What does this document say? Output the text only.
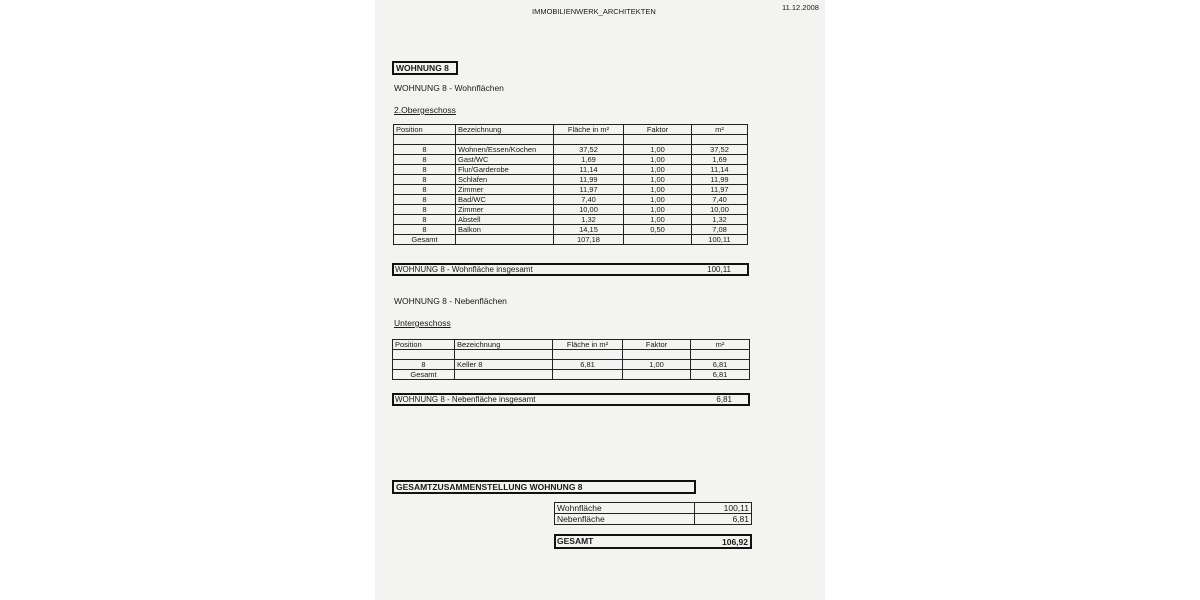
IMMOBILIENWERK_ARCHITEKTEN	11.12.2008
WOHNUNG 8
WOHNUNG 8 - Wohnflächen
2.Obergeschoss
Position	Bezeichnung	Fläche in m²	Faktor	m²

8	Wohnen/Essen/Kochen	37,52	1,00	37,52
8	Gast/WC	1,69	1,00	1,69
8	Flur/Garderobe	11,14	1,00	11,14
8	Schlafen	11,99	1,00	11,99
8	Zimmer	11,97	1,00	11,97
8	Bad/WC	7,40	1,00	7,40
8	Zimmer	10,00	1,00	10,00
8	Abstell	1,32	1,00	1,32
8	Balkon	14,15	0,50	7,08
Gesamt		107,18		100,11
WOHNUNG 8 - Wohnfläche insgesamt	100,11
WOHNUNG 8 - Nebenflächen
Untergeschoss
Position	Bezeichnung	Fläche in m²	Faktor	m²

8	Keller 8	6,81	1,00	6,81
Gesamt				6,81
WOHNUNG 8 - Nebenfläche insgesamt	6,81
GESAMTZUSAMMENSTELLUNG WOHNUNG 8
Wohnfläche	100,11
Nebenfläche	6,81
GESAMT	106,92
